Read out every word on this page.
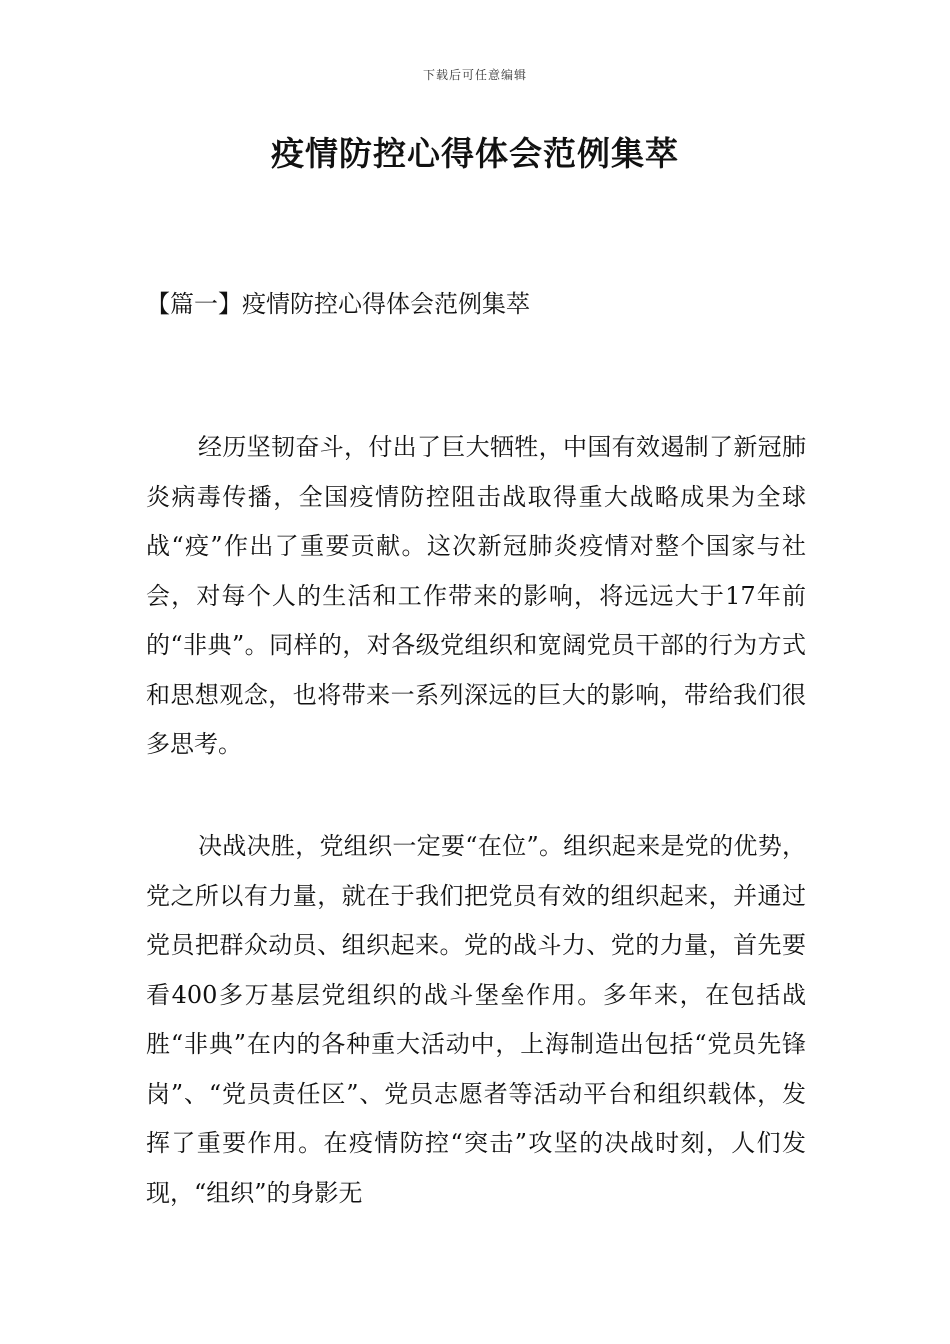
下载后可任意编辑
疫情防控心得体会范例集萃
【篇一】疫情防控心得体会范例集萃

经历坚韧奋斗，付出了巨大牺牲，中国有效遏制了新冠肺炎病毒传播，全国疫情防控阻击战取得重大战略成果为全球战“疫”作出了重要贡献。这次新冠肺炎疫情对整个国家与社会，对每个人的生活和工作带来的影响，将远远大于17年前的“非典”。同样的，对各级党组织和宽阔党员干部的行为方式和思想观念，也将带来一系列深远的巨大的影响，带给我们很多思考。

决战决胜，党组织一定要“在位”。组织起来是党的优势，党之所以有力量，就在于我们把党员有效的组织起来，并通过党员把群众动员、组织起来。党的战斗力、党的力量，首先要看400多万基层党组织的战斗堡垒作用。多年来，在包括战胜“非典”在内的各种重大活动中，上海制造出包括“党员先锋岗”、“党员责任区”、党员志愿者等活动平台和组织载体，发挥了重要作用。在疫情防控“突击”攻坚的决战时刻，人们发现，“组织”的身影无
